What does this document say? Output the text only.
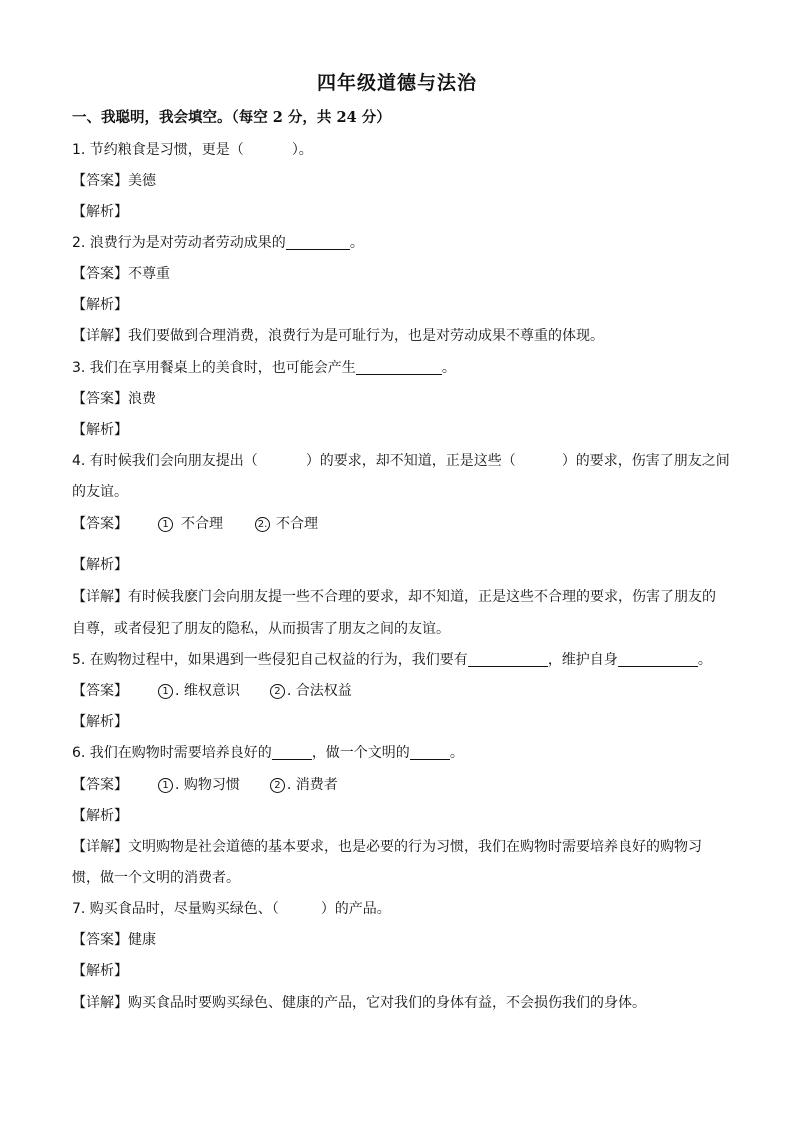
四年级道德与法治
一、我聪明，我会填空。（每空 2 分，共 24 分）
1. 节约粮食是习惯，更是（	）。
【答案】美德
【解析】
2. 浪费行为是对劳动者劳动成果的	。
【答案】不尊重
【解析】
【详解】我们要做到合理消费，浪费行为是可耻行为，也是对劳动成果不尊重的体现。
3. 我们在享用餐桌上的美食时，也可能会产生	。
【答案】浪费
【解析】
4. 有时候我们会向朋友提出（	）的要求，却不知道，正是这些（	）的要求，伤害了朋友之间
的友谊。
【答案】	1 不合理	2. 不合理
【解析】
【详解】有时候我麽门会向朋友提一些不合理的要求，却不知道，正是这些不合理的要求，伤害了朋友的
自尊，或者侵犯了朋友的隐私，从而损害了朋友之间的友谊。
5. 在购物过程中，如果遇到一些侵犯自己权益的行为，我们要有	，维护自身	。
【答案】	1 . 维权意识	2 . 合法权益
【解析】
6. 我们在购物时需要培养良好的	，做一个文明的	。
【答案】	1 . 购物习惯	2 . 消费者
【解析】
【详解】文明购物是社会道德的基本要求，也是必要的行为习惯，我们在购物时需要培养良好的购物习
惯，做一个文明的消费者。
7. 购买食品时，尽量购买绿色、（	）的产品。
【答案】健康
【解析】
【详解】购买食品时要购买绿色、健康的产品，它对我们的身体有益，不会损伤我们的身体。
